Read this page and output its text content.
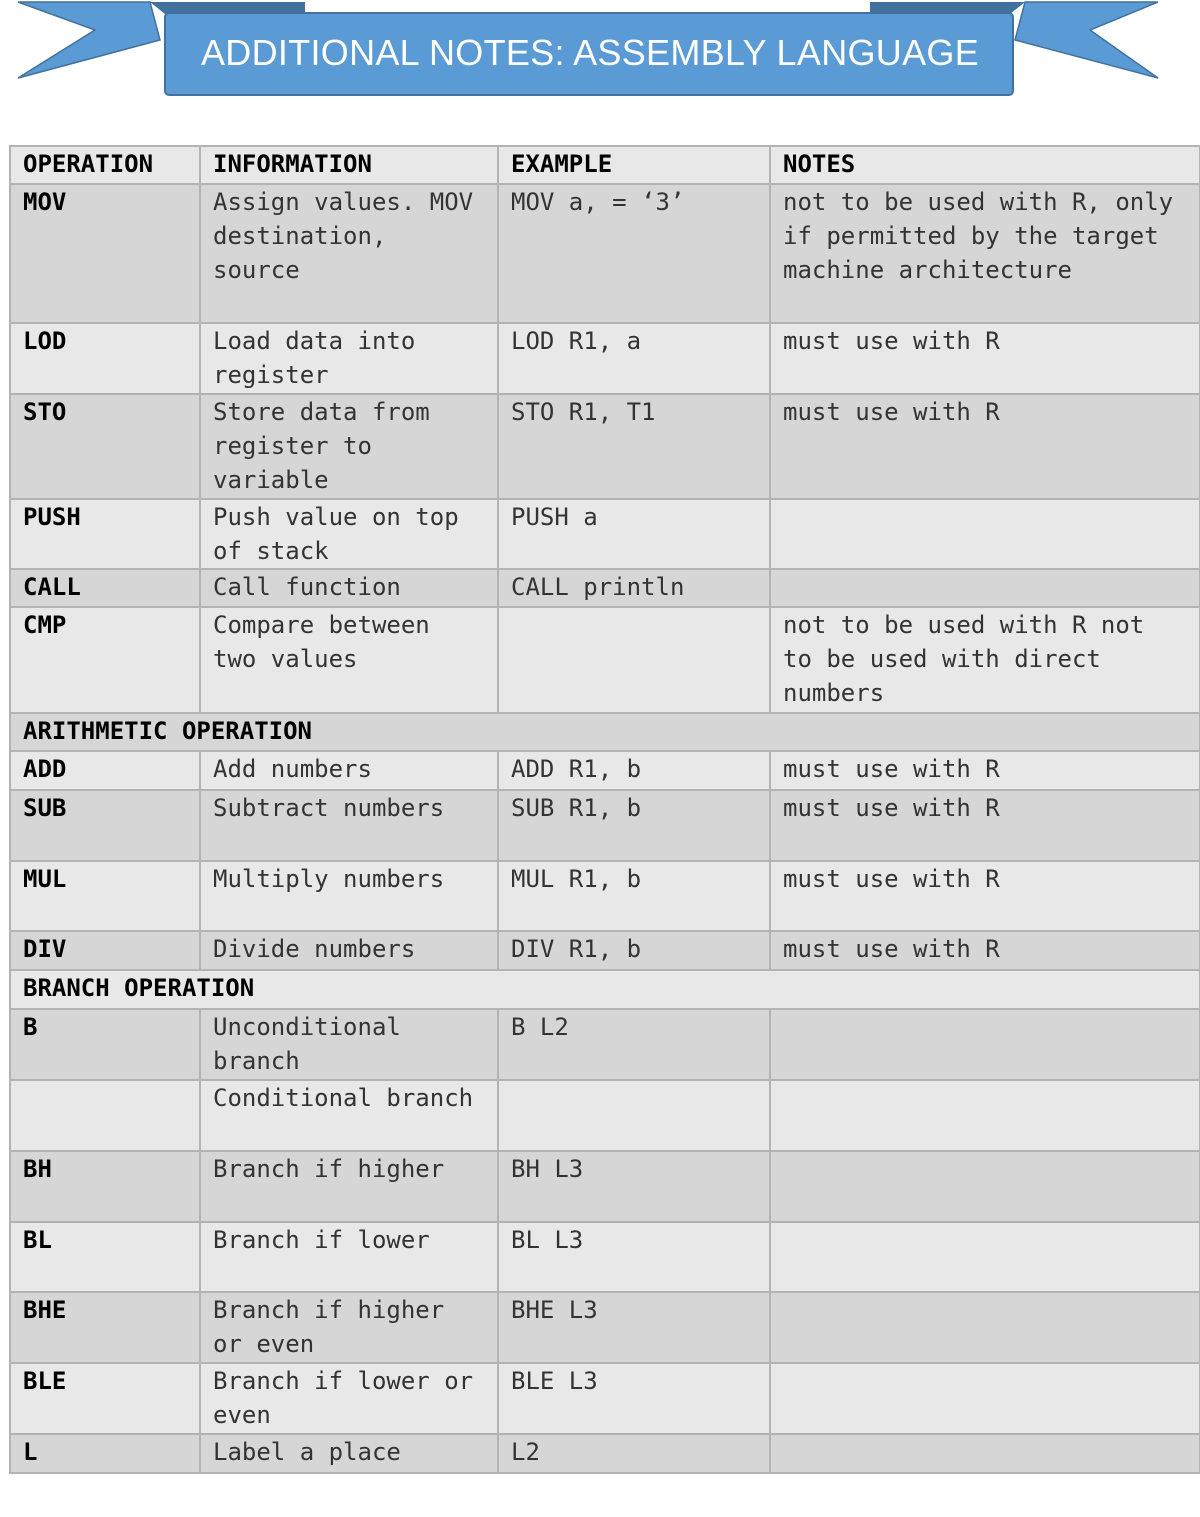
ADDITIONAL NOTES: ASSEMBLY LANGUAGE
OPERATION	INFORMATION	EXAMPLE	NOTES
MOV	Assign values. MOV destination, source	MOV a, = ‘3’	not to be used with R, only if permitted by the target machine architecture
LOD	Load data into register	LOD R1, a	must use with R
STO	Store data from register to variable	STO R1, T1	must use with R
PUSH	Push value on top of stack	PUSH a	
CALL	Call function	CALL println	
CMP	Compare between two values		not to be used with R not to be used with direct numbers
ARITHMETIC OPERATION			
ADD	Add numbers	ADD R1, b	must use with R
SUB	Subtract numbers	SUB R1, b	must use with R
MUL	Multiply numbers	MUL R1, b	must use with R
DIV	Divide numbers	DIV R1, b	must use with R
BRANCH OPERATION			
B	Unconditional branch	B L2	
	Conditional branch		
BH	Branch if higher	BH L3	
BL	Branch if lower	BL L3	
BHE	Branch if higher or even	BHE L3	
BLE	Branch if lower or even	BLE L3	
L	Label a place	L2	
